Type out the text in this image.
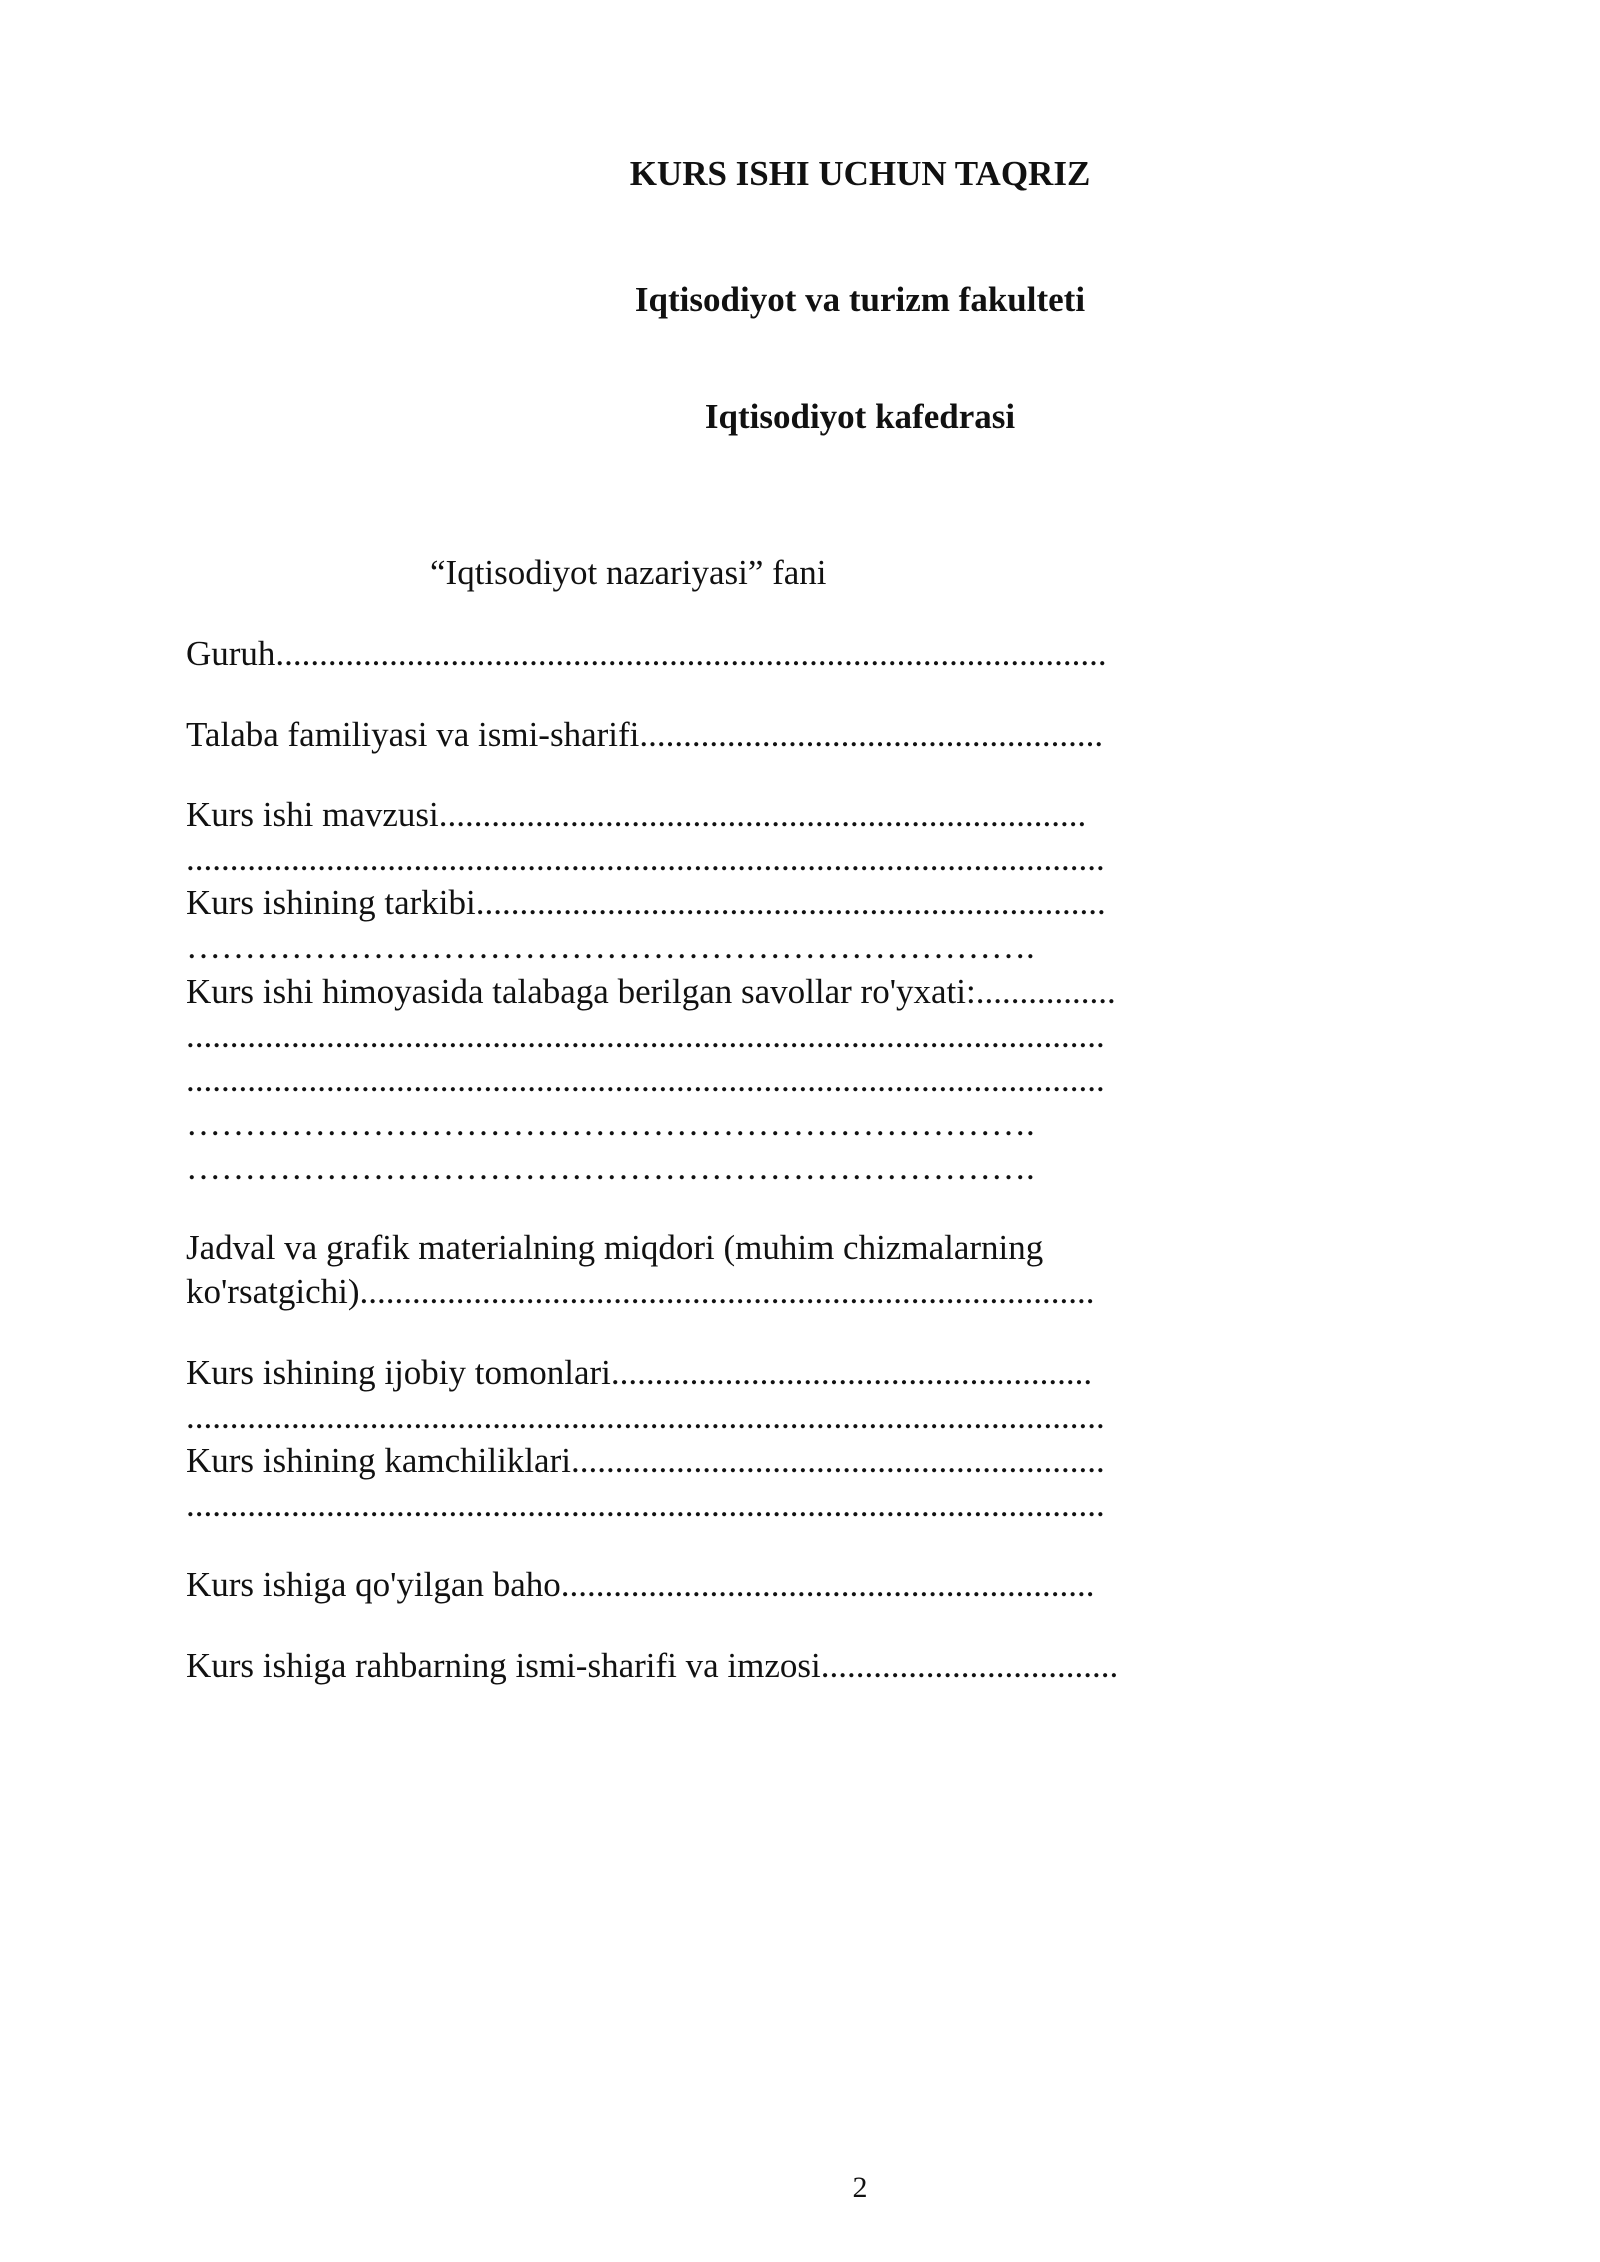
KURS ISHI UCHUN TAQRIZ
Iqtisodiyot va turizm fakulteti
Iqtisodiyot kafedrasi
“Iqtisodiyot nazariyasi” fani
Guruh...............................................................................................
Talaba familiyasi va ismi-sharifi.....................................................
Kurs ishi mavzusi..........................................................................
.........................................................................................................
Kurs ishining tarkibi........................................................................
……………………………………………………………….
Kurs ishi himoyasida talabaga berilgan savollar ro'yxati:................
.........................................................................................................
.........................................................................................................
……………………………………………………………….
……………………………………………………………….
Jadval va grafik materialning miqdori (muhim chizmalarning
ko'rsatgichi)....................................................................................
Kurs ishining ijobiy tomonlari.......................................................
.........................................................................................................
Kurs ishining kamchiliklari.............................................................
.........................................................................................................
Kurs ishiga qo'yilgan baho.............................................................
Kurs ishiga rahbarning ismi-sharifi va imzosi..................................
2
